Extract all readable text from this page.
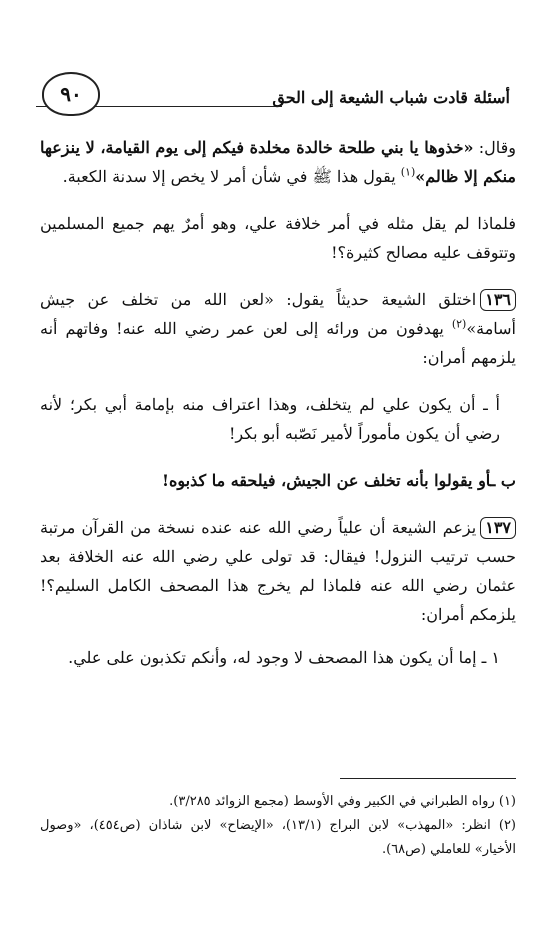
أسئلة قادت شباب الشيعة إلى الحق
٩٠

وقال: «خذوها يا بني طلحة خالدة مخلدة فيكم إلى يوم القيامة، لا ينزعها منكم إلا ظالم»$^{(١)}$ يقول هذا ﷺ في شأن أمر لا يخص إلا سدنة الكعبة.

فلماذا لم يقل مثله في أمر خلافة علي، وهو أمرٌ يهم جميع المسلمين وتتوقف عليه مصالح كثيرة؟!

١٣٦اختلق الشيعة حديثاً يقول: «لعن الله من تخلف عن جيش أسامة»$^{(٢)}$ يهدفون من ورائه إلى لعن عمر رضي الله عنه! وفاتهم أنه يلزمهم أمران:

أ ـ أن يكون علي لم يتخلف، وهذا اعتراف منه بإمامة أبي بكر؛ لأنه رضي أن يكون مأموراً لأمير نَصّبه أبو بكر!

ب ـأو يقولوا بأنه تخلف عن الجيش، فيلحقه ما كذبوه!

١٣٧يزعم الشيعة أن علياً رضي الله عنه عنده نسخة من القرآن مرتبة حسب ترتيب النزول! فيقال: قد تولى علي رضي الله عنه الخلافة بعد عثمان رضي الله عنه فلماذا لم يخرج هذا المصحف الكامل السليم؟! يلزمكم أمران:

١ ـ إما أن يكون هذا المصحف لا وجود له، وأنكم تكذبون على علي.

(١) رواه الطبراني في الكبير وفي الأوسط (مجمع الزوائد ٣/٢٨٥).

(٢) انظر: «المهذب» لابن البراج (١٣/١)، «الإيضاح» لابن شاذان (ص٤٥٤)، «وصول الأخيار» للعاملي (ص٦٨).
